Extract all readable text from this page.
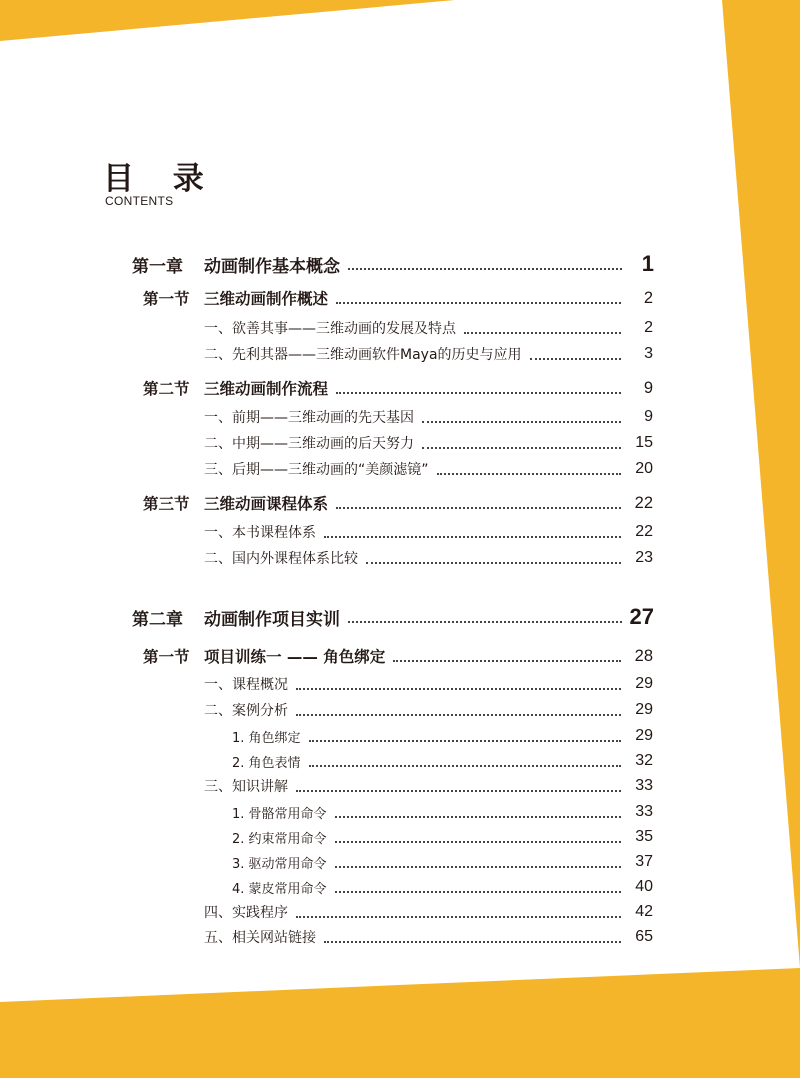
目 录
CONTENTS
第一章	动画制作基本概念	1
第一节 三维动画制作概述	2
一、欲善其事——三维动画的发展及特点	2
二、先利其器——三维动画软件Maya的历史与应用	3
第二节 三维动画制作流程	9
一、前期——三维动画的先天基因	9
二、中期——三维动画的后天努力	15
三、后期——三维动画的“美颜滤镜”	20
第三节 三维动画课程体系	22
一、本书课程体系	22
二、国内外课程体系比较	23
第二章	动画制作项目实训	27
第一节 项目训练一 —— 角色绑定	28
一、课程概况	29
二、案例分析	29
1. 角色绑定	29
2. 角色表情	32
三、知识讲解	33
1. 骨骼常用命令	33
2. 约束常用命令	35
3. 驱动常用命令	37
4. 蒙皮常用命令	40
四、实践程序	42
五、相关网站链接	65
